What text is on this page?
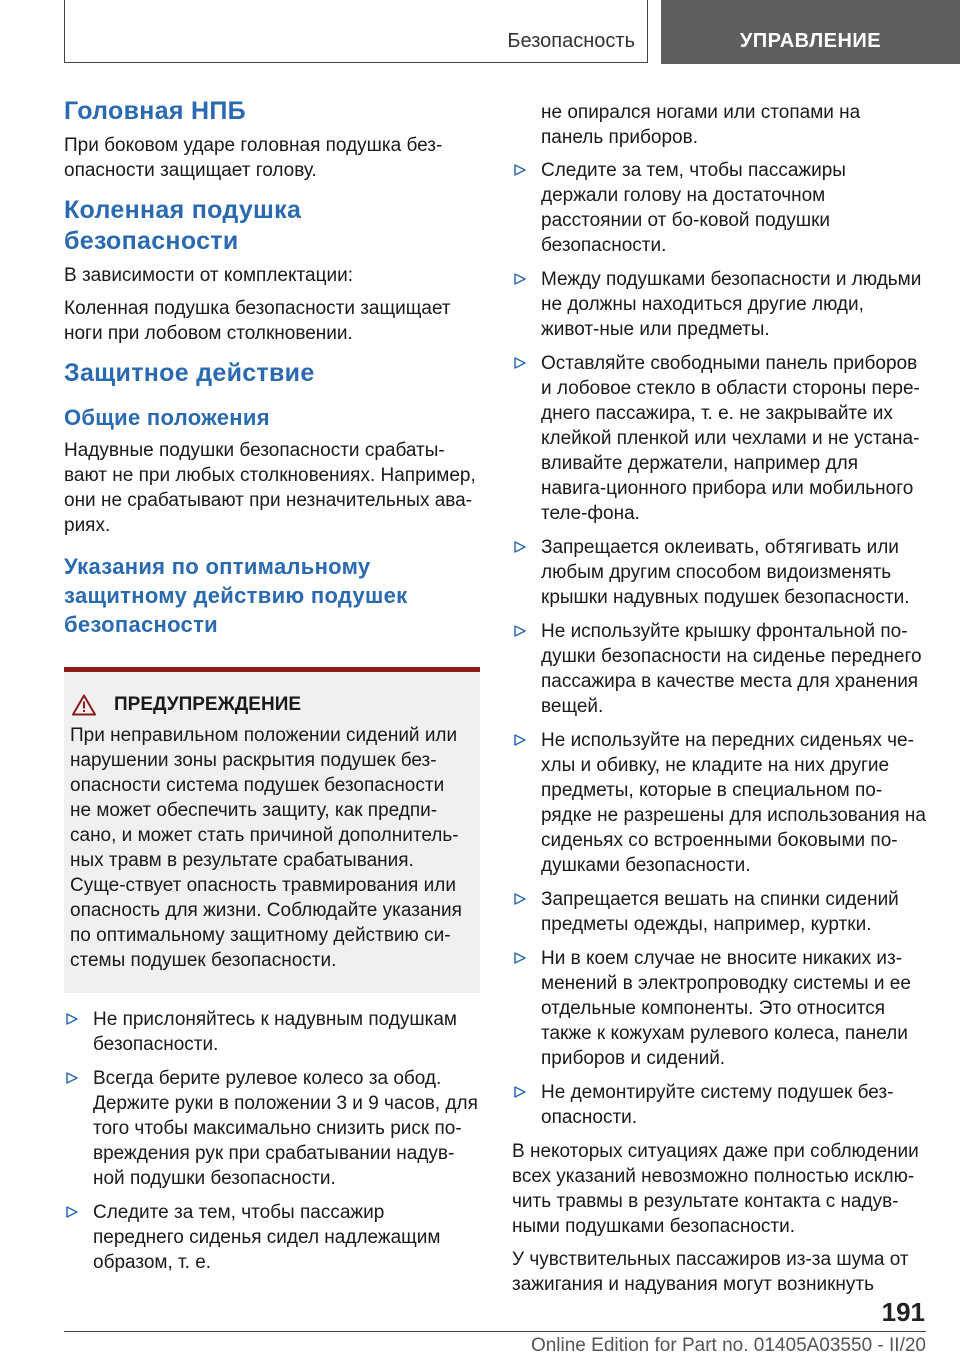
Безопасность	УПРАВЛЕНИЕ
Головная НПБ

При боковом ударе головная подушка без-опасности защищает голову.

Коленная подушка безопасности

В зависимости от комплектации:

Коленная подушка безопасности защищает ноги при лобовом столкновении.

Защитное действие
Общие положения

Надувные подушки безопасности срабаты-вают не при любых столкновениях. Например, они не срабатывают при незначительных ава-риях.

Указания по оптимальному защитному действию подушек безопасности
ПРЕДУПРЕЖДЕНИЕ

При неправильном положении сидений или нарушении зоны раскрытия подушек без-опасности система подушек безопасности не может обеспечить защиту, как предпи-сано, и может стать причиной дополнитель-ных травм в результате срабатывания. Суще-ствует опасность травмирования или опасность для жизни. Соблюдайте указания по оптимальному защитному действию си-стемы подушек безопасности.

Не прислоняйтесь к надувным подушкам безопасности.
Всегда берите рулевое колесо за обод. Держите руки в положении 3 и 9 часов, для того чтобы максимально снизить риск по-вреждения рук при срабатывании надув-ной подушки безопасности.
Следите за тем, чтобы пассажир переднего сиденья сидел надлежащим образом, т. е.

не опирался ногами или стопами на панель приборов.

Следите за тем, чтобы пассажиры держали голову на достаточном расстоянии от бо-ковой подушки безопасности.
Между подушками безопасности и людьми не должны находиться другие люди, живот-ные или предметы.
Оставляйте свободными панель приборов и лобовое стекло в области стороны пере-днего пассажира, т. е. не закрывайте их клейкой пленкой или чехлами и не устана-вливайте держатели, например для навига-ционного прибора или мобильного теле-фона.
Запрещается оклеивать, обтягивать или любым другим способом видоизменять крышки надувных подушек безопасности.
Не используйте крышку фронтальной по-душки безопасности на сиденье переднего пассажира в качестве места для хранения вещей.
Не используйте на передних сиденьях че-хлы и обивку, не кладите на них другие предметы, которые в специальном по-рядке не разрешены для использования на сиденьях со встроенными боковыми по-душками безопасности.
Запрещается вешать на спинки сидений предметы одежды, например, куртки.
Ни в коем случае не вносите никаких из-менений в электропроводку системы и ее отдельные компоненты. Это относится также к кожухам рулевого колеса, панели приборов и сидений.
Не демонтируйте систему подушек без-опасности.

В некоторых ситуациях даже при соблюдении всех указаний невозможно полностью исклю-чить травмы в результате контакта с надув-ными подушками безопасности.

У чувствительных пассажиров из-за шума от зажигания и надувания могут возникнуть

191
Online Edition for Part no. 01405A03550 - II/20
